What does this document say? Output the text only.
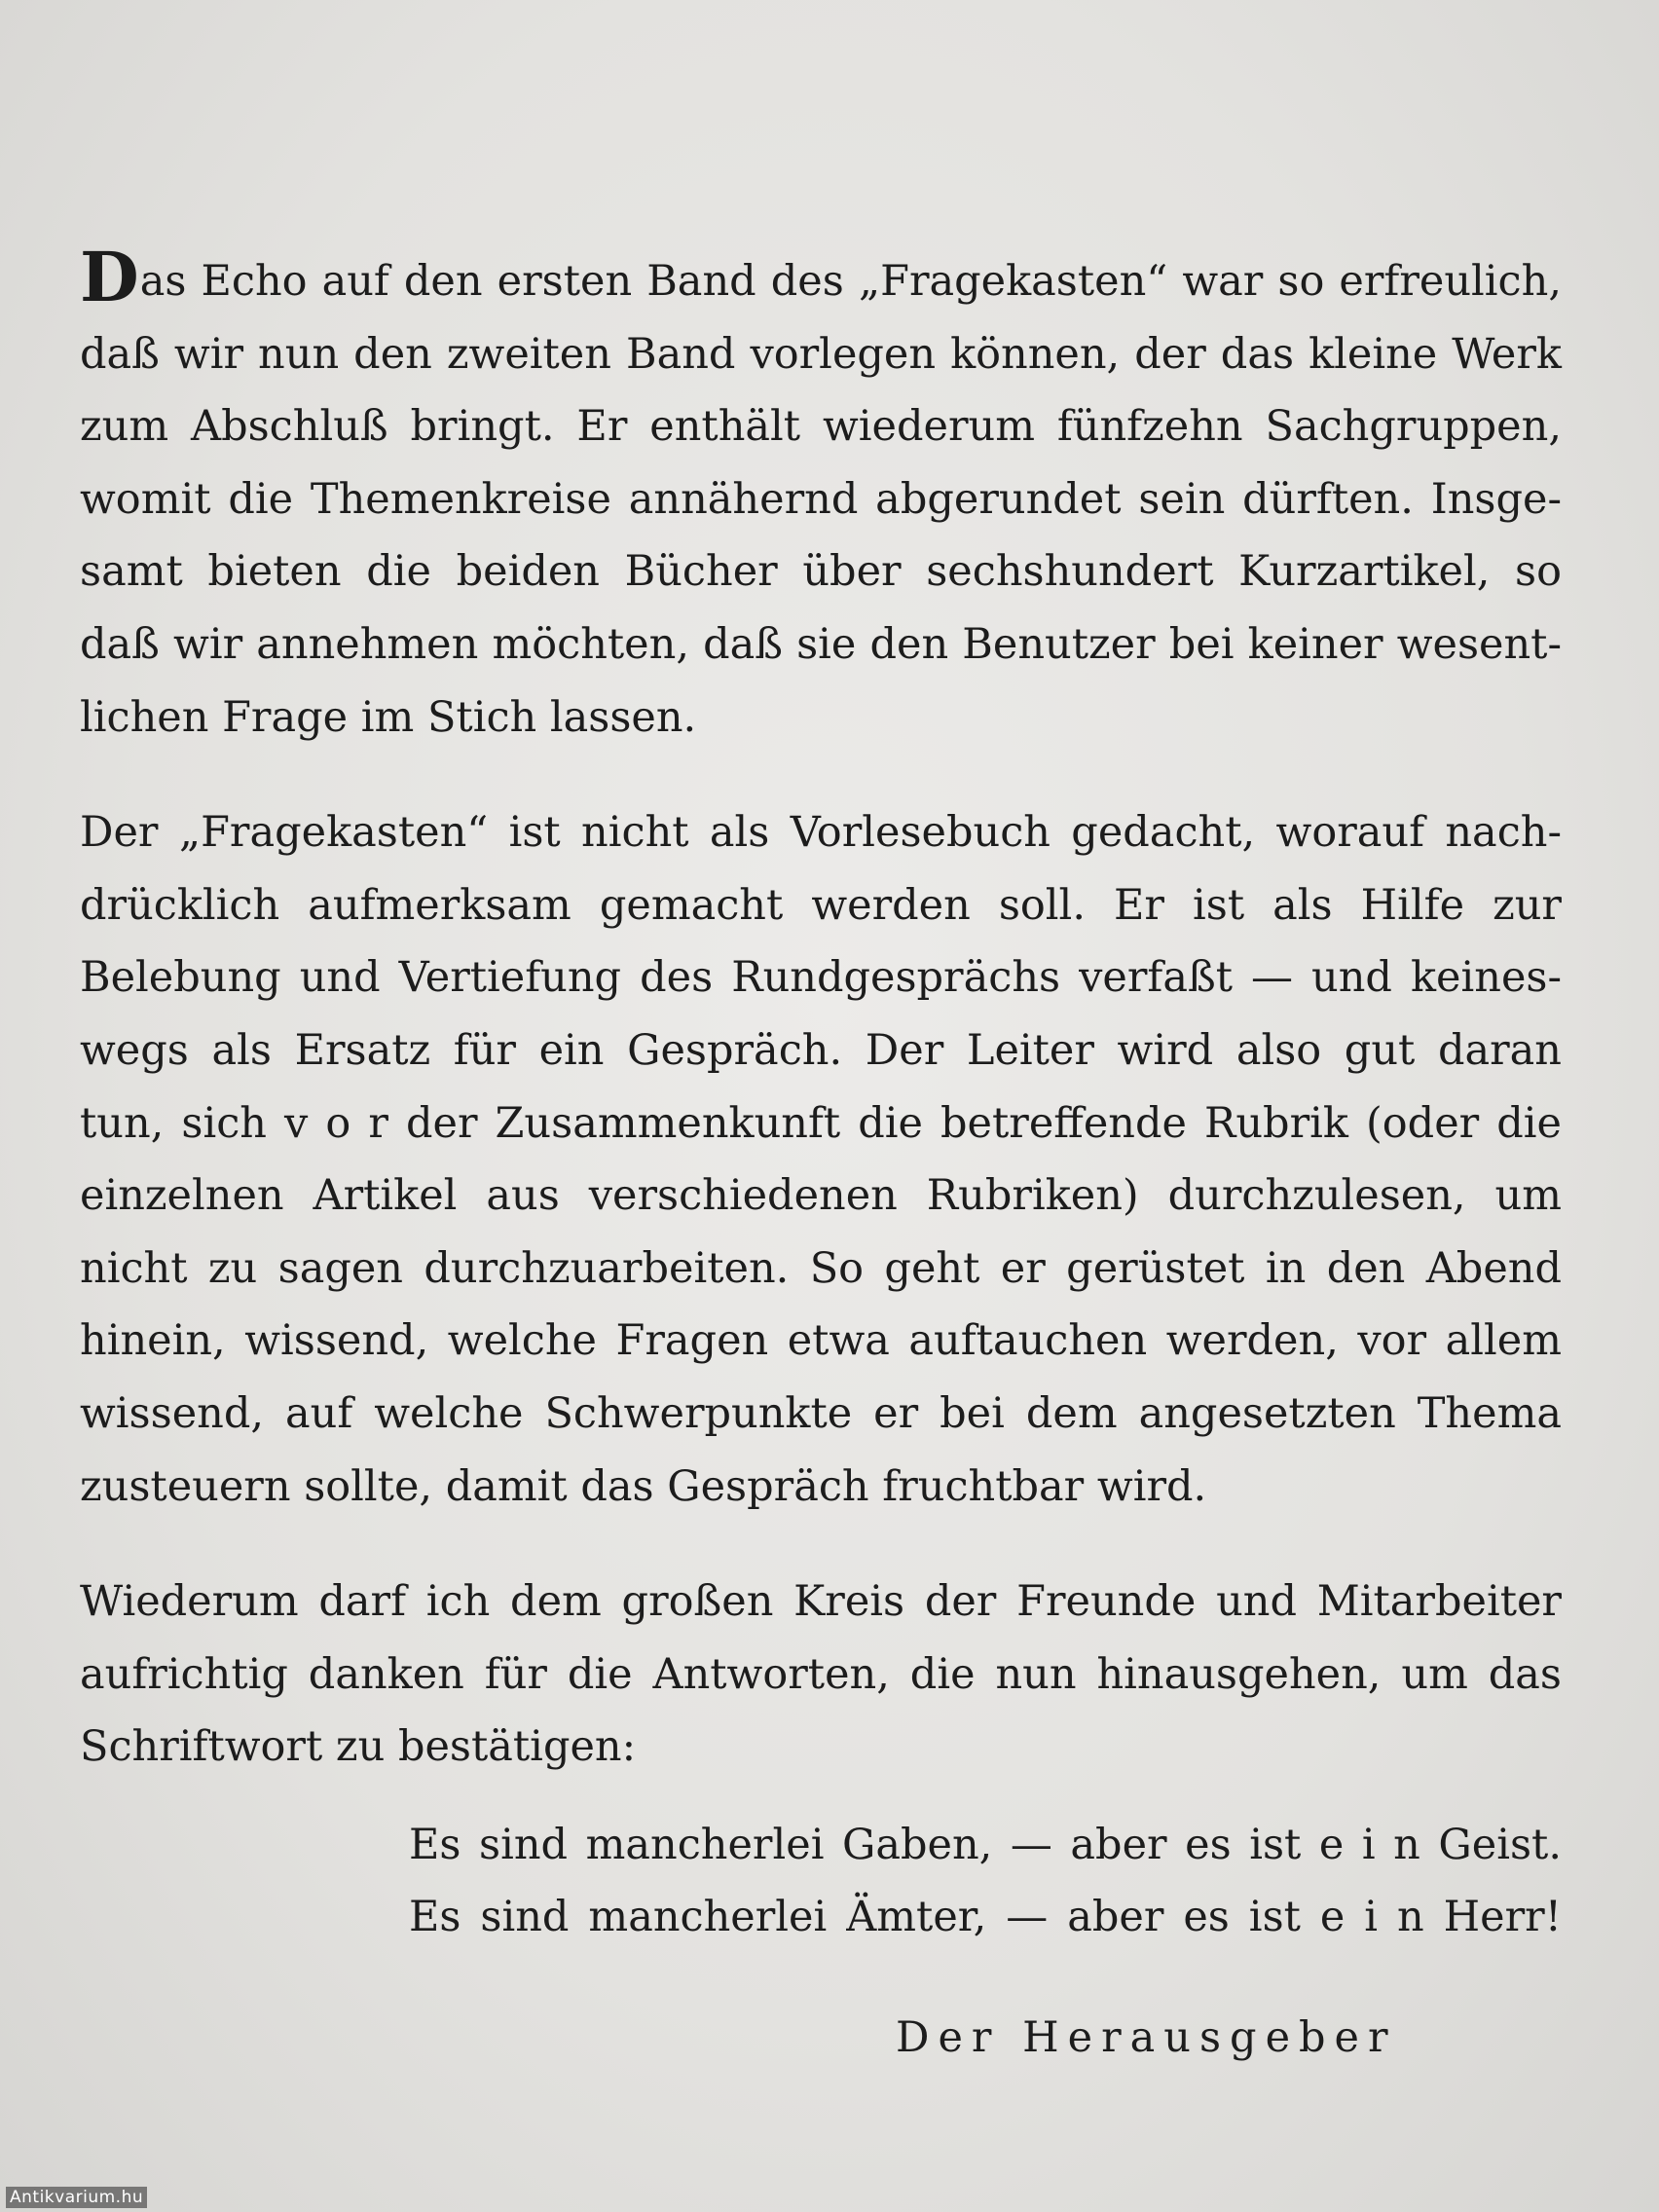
Das Echo auf den ersten Band des „Fragekasten“ war so erfreulich,
daß wir nun den zweiten Band vorlegen können, der das kleine Werk
zum Abschluß bringt. Er enthält wiederum fünfzehn Sachgruppen,
womit die Themenkreise annähernd abgerundet sein dürften. Insge-
samt bieten die beiden Bücher über sechshundert Kurzartikel, so
daß wir annehmen möchten, daß sie den Benutzer bei keiner wesent-
lichen Frage im Stich lassen.
Der „Fragekasten“ ist nicht als Vorlesebuch gedacht, worauf nach-
drücklich aufmerksam gemacht werden soll. Er ist als Hilfe zur
Belebung und Vertiefung des Rundgesprächs verfaßt — und keines-
wegs als Ersatz für ein Gespräch. Der Leiter wird also gut daran
tun, sich v o r der Zusammenkunft die betreffende Rubrik (oder die
einzelnen Artikel aus verschiedenen Rubriken) durchzulesen, um
nicht zu sagen durchzuarbeiten. So geht er gerüstet in den Abend
hinein, wissend, welche Fragen etwa auftauchen werden, vor allem
wissend, auf welche Schwerpunkte er bei dem angesetzten Thema
zusteuern sollte, damit das Gespräch fruchtbar wird.
Wiederum darf ich dem großen Kreis der Freunde und Mitarbeiter
aufrichtig danken für die Antworten, die nun hinausgehen, um das
Schriftwort zu bestätigen:
Es sind mancherlei Gaben, — aber es ist e i n Geist.
Es sind mancherlei Ämter, — aber es ist e i n Herr!
Der Herausgeber
Antikvarium.hu
